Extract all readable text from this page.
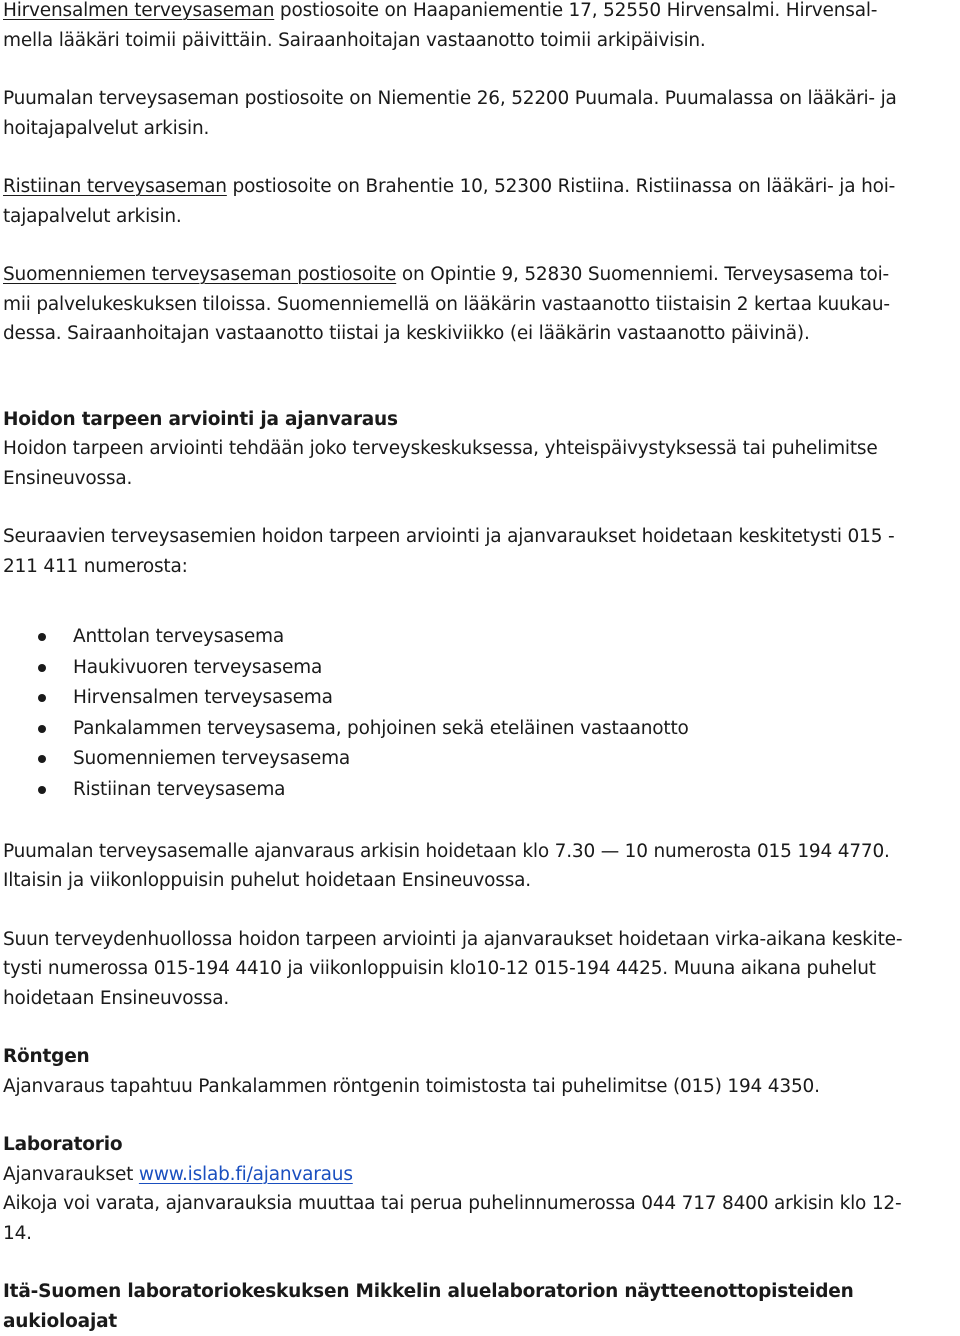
Hirvensalmen terveysaseman postiosoite on Haapaniementie 17, 52550 Hirvensalmi. Hirvensal-
mella lääkäri toimii päivittäin. Sairaanhoitajan vastaanotto toimii arkipäivisin.

Puumalan terveysaseman postiosoite on Niementie 26, 52200 Puumala. Puumalassa on lääkäri- ja
hoitajapalvelut arkisin.

Ristiinan terveysaseman postiosoite on Brahentie 10, 52300 Ristiina. Ristiinassa on lääkäri- ja hoi-
tajapalvelut arkisin.

Suomenniemen terveysaseman postiosoite on Opintie 9, 52830 Suomenniemi. Terveysasema toi-
mii palvelukeskuksen tiloissa. Suomenniemellä on lääkärin vastaanotto tiistaisin 2 kertaa kuukau-
dessa. Sairaanhoitajan vastaanotto tiistai ja keskiviikko (ei lääkärin vastaanotto päivinä).

Hoidon tarpeen arviointi ja ajanvaraus
Hoidon tarpeen arviointi tehdään joko terveyskeskuksessa, yhteispäivystyksessä tai puhelimitse
Ensineuvossa.

Seuraavien terveysasemien hoidon tarpeen arviointi ja ajanvaraukset hoidetaan keskitetysti 015 -
211 411 numerosta:

Anttolan terveysasema
Haukivuoren terveysasema
Hirvensalmen terveysasema
Pankalammen terveysasema, pohjoinen sekä eteläinen vastaanotto
Suomenniemen terveysasema
Ristiinan terveysasema

Puumalan terveysasemalle ajanvaraus arkisin hoidetaan klo 7.30 — 10 numerosta 015 194 4770.
Iltaisin ja viikonloppuisin puhelut hoidetaan Ensineuvossa.

Suun terveydenhuollossa hoidon tarpeen arviointi ja ajanvaraukset hoidetaan virka-aikana keskite-
tysti numerossa 015-194 4410 ja viikonloppuisin klo10-12 015-194 4425. Muuna aikana puhelut
hoidetaan Ensineuvossa.

Röntgen
Ajanvaraus tapahtuu Pankalammen röntgenin toimistosta tai puhelimitse (015) 194 4350.

Laboratorio
Ajanvaraukset www.islab.fi/ajanvaraus
Aikoja voi varata, ajanvarauksia muuttaa tai perua puhelinnumerossa 044 717 8400 arkisin klo 12-
14.

Itä-Suomen laboratoriokeskuksen Mikkelin aluelaboratorion näytteenottopisteiden aukioloajat
